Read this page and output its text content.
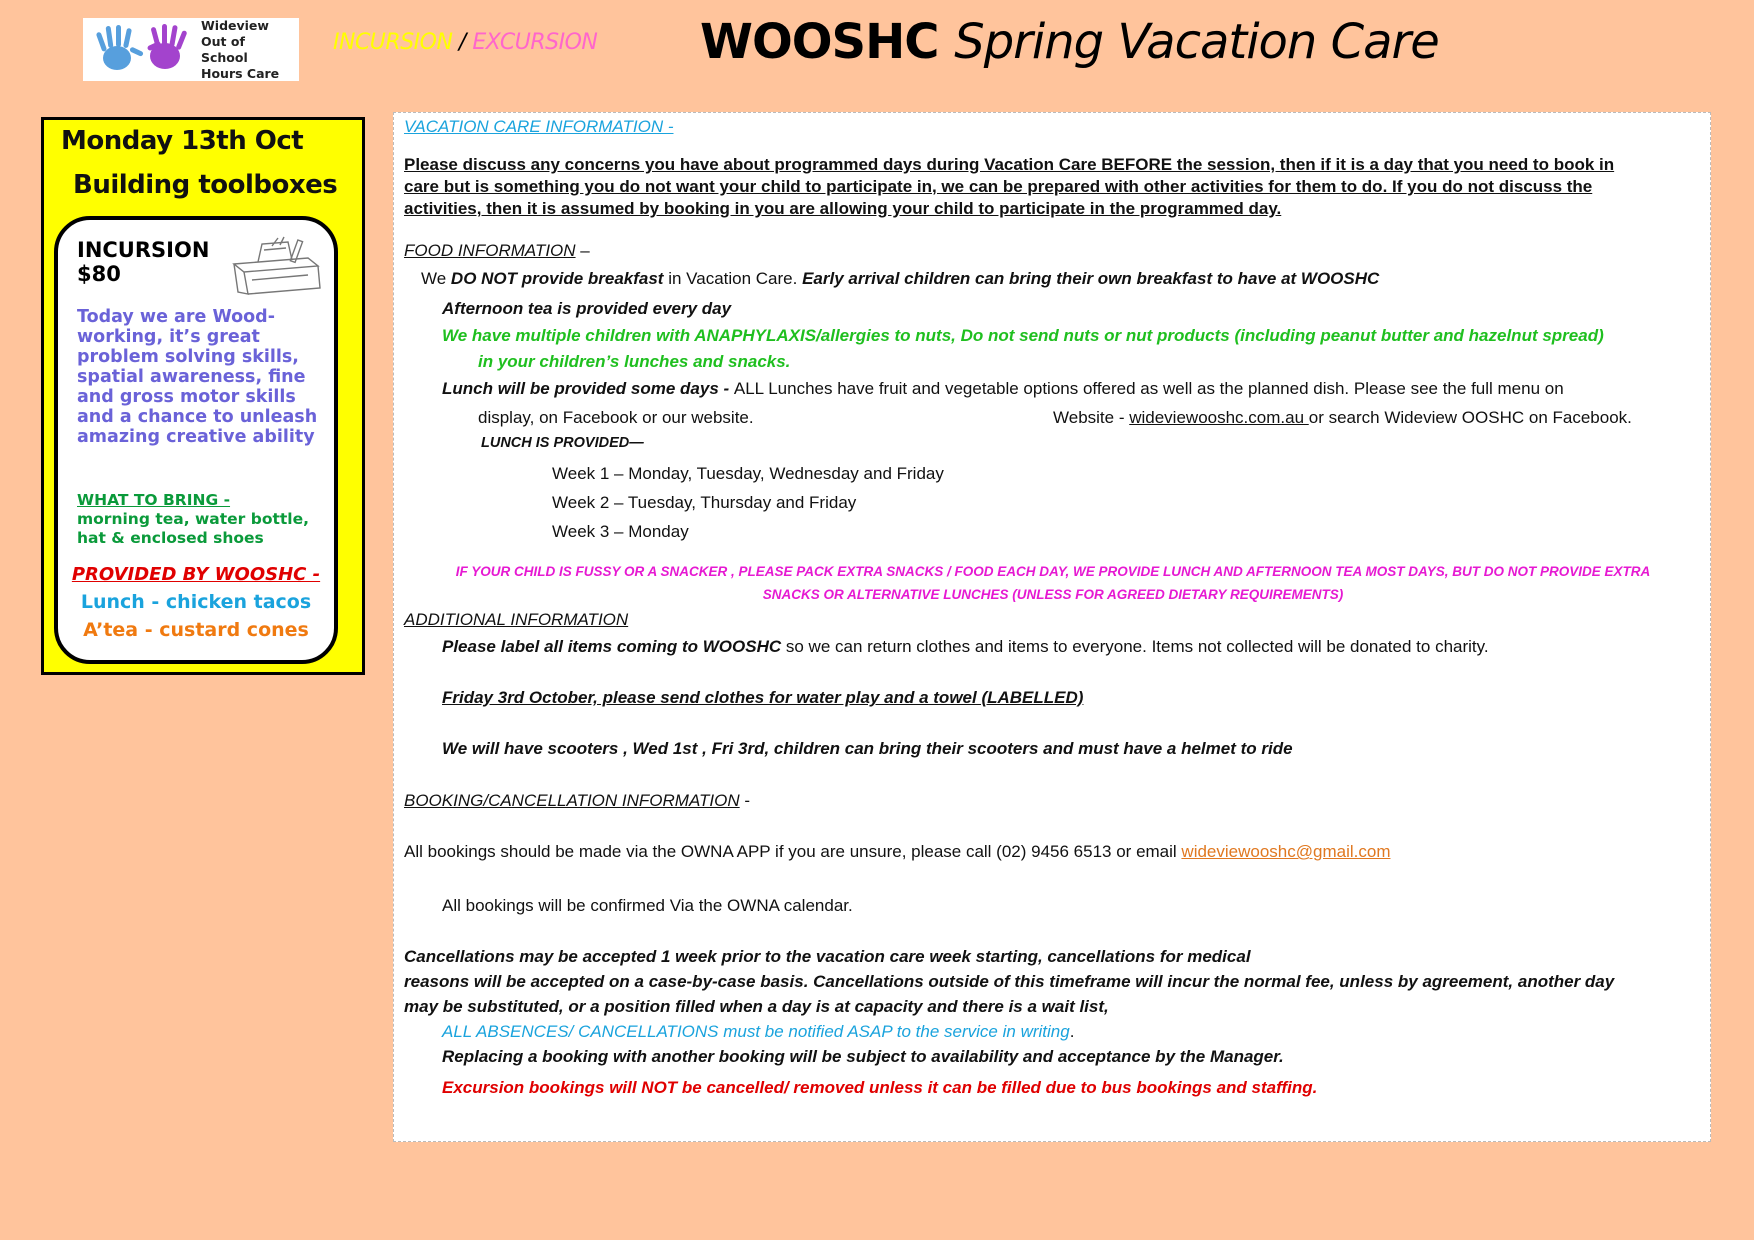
Wideview
Out of School
Hours Care
INCURSION / EXCURSION WOOSHC Spring Vacation Care
Monday 13th Oct
Building toolboxes
INCURSION
$80
Today we are Wood-working, it’s great problem solving skills, spatial awareness, fine and gross motor skills and a chance to unleash amazing creative ability
WHAT TO BRING -
morning tea, water bottle, hat & enclosed shoes
PROVIDED BY WOOSHC -
Lunch - chicken tacos
A’tea - custard cones
VACATION CARE INFORMATION -
Please discuss any concerns you have about programmed days during Vacation Care BEFORE the session, then if it is a day that you need to book in
care but is something you do not want your child to participate in, we can be prepared with other activities for them to do. If you do not discuss the
activities, then it is assumed by booking in you are allowing your child to participate in the programmed day.
FOOD INFORMATION –
We DO NOT provide breakfast in Vacation Care. Early arrival children can bring their own breakfast to have at WOOSHC
Afternoon tea is provided every day
We have multiple children with ANAPHYLAXIS/allergies to nuts, Do not send nuts or nut products (including peanut butter and hazelnut spread)
in your children’s lunches and snacks.
Lunch will be provided some days - ALL Lunches have fruit and vegetable options offered as well as the planned dish. Please see the full menu on
display, on Facebook or our website.	Website - wideviewooshc.com.au or search Wideview OOSHC on Facebook.
LUNCH IS PROVIDED—
Week 1 – Monday, Tuesday, Wednesday and Friday
Week 2 – Tuesday, Thursday and Friday
Week 3 – Monday
IF YOUR CHILD IS FUSSY OR A SNACKER , PLEASE PACK EXTRA SNACKS / FOOD EACH DAY, WE PROVIDE LUNCH AND AFTERNOON TEA MOST DAYS, BUT DO NOT PROVIDE EXTRA
SNACKS OR ALTERNATIVE LUNCHES (UNLESS FOR AGREED DIETARY REQUIREMENTS)
ADDITIONAL INFORMATION
Please label all items coming to WOOSHC so we can return clothes and items to everyone. Items not collected will be donated to charity.
Friday 3rd October, please send clothes for water play and a towel (LABELLED)
We will have scooters , Wed 1st , Fri 3rd, children can bring their scooters and must have a helmet to ride
BOOKING/CANCELLATION INFORMATION -
All bookings should be made via the OWNA APP if you are unsure, please call (02) 9456 6513 or email wideviewooshc@gmail.com
All bookings will be confirmed Via the OWNA calendar.
Cancellations may be accepted 1 week prior to the vacation care week starting, cancellations for medical
reasons will be accepted on a case-by-case basis. Cancellations outside of this timeframe will incur the normal fee, unless by agreement, another day
may be substituted, or a position filled when a day is at capacity and there is a wait list,
ALL ABSENCES/ CANCELLATIONS must be notified ASAP to the service in writing.
Replacing a booking with another booking will be subject to availability and acceptance by the Manager.
Excursion bookings will NOT be cancelled/ removed unless it can be filled due to bus bookings and staffing.
